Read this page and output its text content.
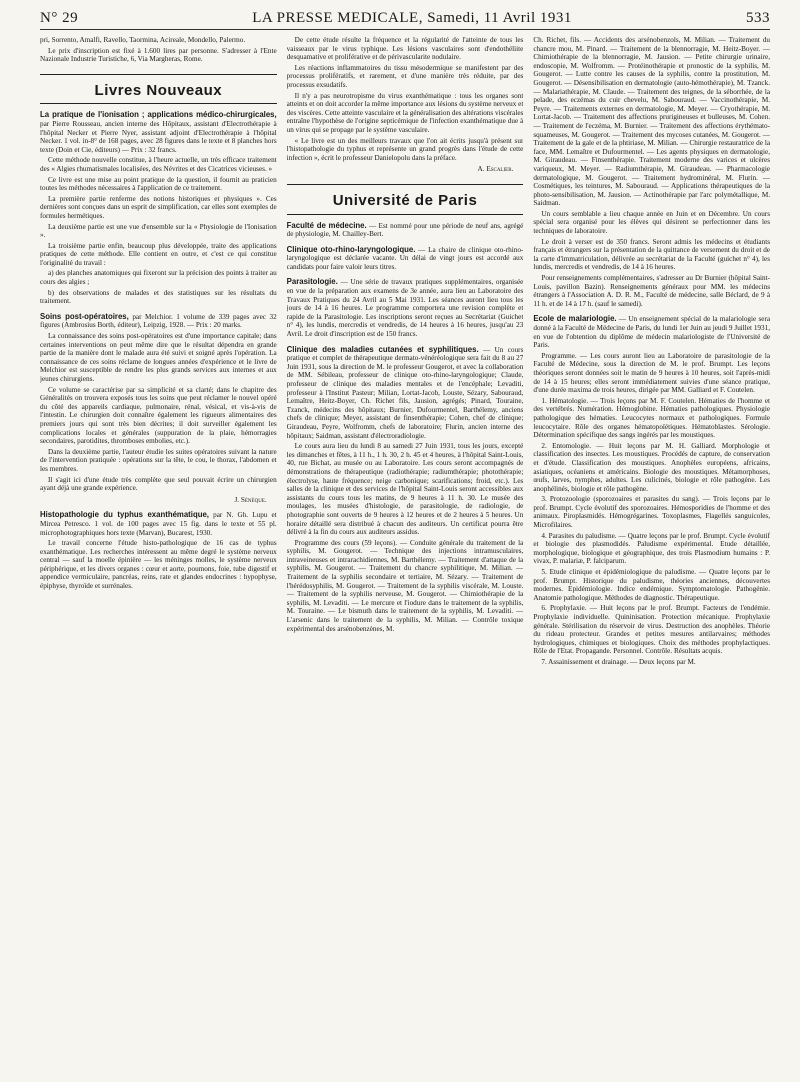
N° 29	LA PRESSE MEDICALE, Samedi, 11 Avril 1931	533

pri, Sorrento, Amalfi, Ravello, Taormina, Acireale, Mondello, Palermo.

Le prix d'inscription est fixé à 1.600 lires par personne. S'adresser à l'Ente Nazionale Industrie Turistiche, 6, Via Margheras, Rome.

Livres Nouveaux

La pratique de l'ionisation ; applications médico-chirurgicales, par Pierre Rousseau, ancien interne des Hôpitaux, assistant d'Electrothérapie à l'hôpital Necker et Pierre Nyer, assistant adjoint d'Electrothérapie à l'hôpital Necker. 1 vol. in-8° de 168 pages, avec 28 figures dans le texte et 8 planches hors texte (Doin et Cie, éditeurs) — Prix : 32 francs.

Cette méthode nouvelle constitue, à l'heure actuelle, un très efficace traitement des « Algies rhumatismales localisées, des Névrites et des Cicatrices vicieuses. »

Ce livre est une mise au point pratique de la question, il fournit au praticien toutes les méthodes nécessaires à l'application de ce traitement.

La première partie renferme des notions historiques et physiques ». Ces dernières sont conçues dans un esprit de simplification, car elles sont exemples de formules hermétiques.

La deuxième partie est une vue d'ensemble sur la « Physiologie de l'Ionisation ».

La troisième partie enfin, beaucoup plus développée, traite des applications pratiques de cette méthode. Elle contient en outre, et c'est ce qui constitue l'originalité du travail :

a) des planches anatomiques qui fixeront sur la précision des points à traiter au cours des algies ;

b) des observations de malades et des statistiques sur les résultats du traitement.

Soins post-opératoires, par Melchior. 1 volume de 339 pages avec 32 figures (Ambrosius Borth, éditeur), Leipzig, 1928. — Prix : 20 marks.

La connaissance des soins post-opératoires est d'une importance capitale; dans certaines interventions on peut même dire que le résultat dépendra en grande partie de la manière dont le malade aura été suivi et soigné après l'opération. La connaissance de ces soins réclame de longues années d'expérience et le livre de Melchior est susceptible de rendre les plus grands services aux internes et aux jeunes chirurgiens.

Ce volume se caractérise par sa simplicité et sa clarté; dans le chapitre des Généralités on trouvera exposés tous les soins que peut réclamer le nouvel opéré du côté des appareils cardiaque, pulmonaire, rénal, vésical, et vis-à-vis de l'intestin. Le chirurgien doit connaître également les rigueurs alimentaires des premiers jours qui sont très bien décrites; il doit surveiller également les complications locales et générales (suppuration de la plaie, hémorragies secondaires, parotidites, thromboses embolies, etc.).

Dans la deuxième partie, l'auteur étudie les suites opératoires suivant la nature de l'intervention pratiquée : opérations sur la tête, le cou, le thorax, l'abdomen et les membres.

Il s'agit ici d'une étude très complète que seul pouvait écrire un chirurgien ayant déjà une grande expérience.

J. Sénèque.

Histopathologie du typhus exanthématique, par N. Gh. Lupu et Mircea Petresco. 1 vol. de 100 pages avec 15 fig. dans le texte et 55 pl. microphotographiques hors texte (Marvan), Bucarest, 1930.

Le travail concerne l'étude histo-pathologique de 16 cas de typhus exanthématique. Les recherches intéressent au même degré le système nerveux central — sauf la moelle épinière — les méninges molles, le système nerveux périphérique, et les divers organes : cœur et aorte, poumons, foie, tube digestif et appendice vermiculaire, pancréas, reins, rate et glandes endocrines : hypophyse, épiphyse, thyroïde et surrénales.

De cette étude résulte la fréquence et la régularité de l'atteinte de tous les vaisseaux par le virus typhique. Les lésions vasculaires sont d'endothéliite desquamative et proliférative et de périvascularite nodulaire.

Les réactions inflammatoires du tissu mésodermique se manifestent par des processus prolifératifs, et rarement, et d'une manière très réduite, par des processus exsudatifs.

Il n'y a pas neurotropisme du virus exanthématique : tous les organes sont atteints et on doit accorder la même importance aux lésions du système nerveux et des viscères. Cette atteinte vasculaire et la généralisation des altérations viscérales entraîne l'hypothèse de l'origine septicémique de l'infection exanthématique due à un virus qui se propage par le système vasculaire.

« Le livre est un des meilleurs travaux que l'on ait écrits jusqu'à présent sur l'histopathologie du typhus et représente un grand progrès dans l'étude de cette infection », écrit le professeur Danielopolu dans la préface.

A. Escalier.
Université de Paris

Faculté de médecine. — Est nommé pour une période de neuf ans, agrégé de physiologie, M. Chailley-Bert.

Clinique oto-rhino-laryngologique. — La chaire de clinique oto-rhino-laryngologique est déclarée vacante. Un délai de vingt jours est accordé aux candidats pour faire valoir leurs titres.

Parasitologie. — Une série de travaux pratiques supplémentaires, organisée en vue de la préparation aux examens de 3e année, aura lieu au Laboratoire des Travaux Pratiques du 24 Avril au 5 Mai 1931. Les séances auront lieu tous les jours de 14 à 16 heures. Le programme comportera une revision complète et rapide de la Parasitologie. Les inscriptions seront reçues au Secrétariat (Guichet n° 4), les lundis, mercredis et vendredis, de 14 heures à 16 heures, jusqu'au 23 Avril. Le droit d'inscription est de 150 francs.

Clinique des maladies cutanées et syphilitiques. — Un cours pratique et complet de thérapeutique dermato-vénéréologique sera fait du 8 au 27 Juin 1931, sous la direction de M. le professeur Gougerot, et avec la collaboration de MM. Sébileau, professeur de clinique oto-rhino-laryngologique; Claude, professeur de clinique des maladies mentales et de l'encéphale; Levaditi, professeur à l'Institut Pasteur; Milian, Lortat-Jacob, Louste, Sézary, Sabouraud, Lemaître, Heitz-Boyer, Ch. Richet fils, Jausion, agrégés; Pinard, Touraine, Tzanck, médecins des hôpitaux; Burnier, Dufourmentel, Barthélemy, anciens chefs de clinique; Meyer, assistant de finsenthérapie; Cohen, chef de clinique; Giraudeau, Peyre, Wolfromm, chefs de laboratoire; Flurin, ancien interne des hôpitaux; Saidman, assistant d'électroradiologie.

Le cours aura lieu du lundi 8 au samedi 27 Juin 1931, tous les jours, excepté les dimanches et fêtes, à 11 h., 1 h. 30, 2 h. 45 et 4 heures, à l'hôpital Saint-Louis, 40, rue Bichat, au musée ou au Laboratoire. Les cours seront accompagnés de démonstrations de thérapeutique (radiothérapie; radiumthérapie; photothérapie; électrolyse, haute fréquence; neige carbonique; scarifications; froid, etc.). Les salles de la clinique et des services de l'hôpital Saint-Louis seront accessibles aux assistants du cours tous les matins, de 9 heures à 11 h. 30. Le musée des moulages, les musées d'histologie, de parasitologie, de radiologie, de photographie sont ouverts de 9 heures à 12 heures et de 2 heures à 5 heures. Un horaire détaillé sera distribué à chacun des auditeurs. Un certificat pourra être délivré à la fin du cours aux auditeurs assidus.

Programme des cours (59 leçons). — Conduite générale du traitement de la syphilis, M. Gougerot. — Technique des injections intramusculaires, intraveineuses et intrarachidiennes, M. Barthélemy. — Traitement d'attaque de la syphilis, M. Gougerot. — Traitement du chancre syphilitique, M. Milian. — Traitement de la syphilis secondaire et tertiaire, M. Sézary. — Traitement de l'hérédosyphilis, M. Gougerot. — Traitement de la syphilis viscérale, M. Louste. — Traitement de la syphilis nerveuse, M. Gougerot. — Chimiothérapie de la syphilis, M. Levaditi. — Le mercure et l'iodure dans le traitement de la syphilis, M. Touraine. — Le bismuth dans le traitement de la syphilis, M. Levaditi. — L'arsenic dans le traitement de la syphilis, M. Milian. — Contrôle toxique expérimental des arsénobenzènes, M.

Ch. Richet, fils. — Accidents des arsénobenzols, M. Milian. — Traitement du chancre mou, M. Pinard. — Traitement de la blennorragie, M. Heitz-Boyer. — Chimiothérapie de la blennorragie, M. Jausion. — Petite chirurgie urinaire, endoscopie, M. Wolfromm. — Protéinothérapie et pronostic de la syphilis, M. Gougerot. — Lutte contre les causes de la syphilis, contre la prostitution, M. Gougerot. — Désensibilisation en dermatologie (auto-hémothérapie), M. Tzanck. — Malariathérapie, M. Claude. — Traitement des teignes, de la séborrhée, de la pelade, des eczémas du cuir chevelu, M. Sabouraud. — Vaccinothérapie, M. Peyre. — Traitements externes en dermatologie, M. Meyer. — Cryothérapie, M. Lortat-Jacob. — Traitement des affections prurigineuses et bulleuses, M. Cohen. — Traitement de l'eczéma, M. Burnier. — Traitement des affections érythémato-squameuses, M. Gougerot. — Traitement des mycoses cutanées, M. Gougerot. — Traitement de la gale et de la phtiriase, M. Milian. — Chirurgie restauratrice de la face, MM. Lemaître et Dufourmentel. — Les agents physiques en dermatologie, M. Giraudeau. — Finsenthérapie. Traitement moderne des varices et ulcères variqueux, M. Meyer. — Radiumthérapie, M. Giraudeau. — Pharmacologie dermatologique, M. Gougerot. — Traitement hydrominéral, M. Flurin. — Cosmétiques, les teintures, M. Sabouraud. — Applications thérapeutiques de la photo-sensibilisation, M. Jausion. — Actinothérapie par l'arc polymétallique, M. Saidman.

Un cours semblable a lieu chaque année en Juin et en Décembre. Un cours spécial sera organisé pour les élèves qui désirent se perfectionner dans les techniques de laboratoire.

Le droit à verser est de 350 francs. Seront admis les médecins et étudiants français et étrangers sur la présentation de la quittance de versement du droit et de la carte d'immatriculation, délivrée au secrétariat de la Faculté (guichet n° 4), les lundis, mercredis et vendredis, de 14 à 16 heures.

Pour renseignements complémentaires, s'adresser au Dr Burnier (hôpital Saint-Louis, pavillon Bazin). Renseignements généraux pour MM. les médecins étrangers à l'Association A. D. R. M., Faculté de médecine, salle Béclard, de 9 à 11 h. et de 14 à 17 h. (sauf le samedi).

Ecole de malariologie. — Un enseignement spécial de la malariologie sera donné à la Faculté de Médecine de Paris, du lundi 1er Juin au jeudi 9 Juillet 1931, en vue de l'obtention du diplôme de médecin malariologiste de l'Université de Paris.

Programme. — Les cours auront lieu au Laboratoire de parasitologie de la Faculté de Médecine, sous la direction de M. le prof. Brumpt. Les leçons théoriques seront données soit le matin de 9 heures à 10 heures, soit l'après-midi de 14 à 15 heures; elles seront immédiatement suivies d'une séance pratique, d'une durée maxima de trois heures, dirigée par MM. Galliard et F. Coutelen.

1. Hématologie. — Trois leçons par M. F. Coutelen. Hématies de l'homme et des vertébrés. Numération. Hémoglobine. Hématies pathologiques. Physiologie pathologique des hématies. Leucocytes normaux et pathologiques. Formule leucocytaire. Rôle des organes hématopoïétiques. Hématoblastes. Sérologie. Détermination spécifique des sangs ingérés par les moustiques.

2. Entomologie. — Huit leçons par M. H. Galliard. Morphologie et classification des insectes. Les moustiques. Procédés de capture, de conservation et d'étude. Classification des moustiques. Anophèles européens, africains, asiatiques, océaniens et américains. Biologie des moustiques. Métamorphoses, œufs, larves, nymphes, adultes. Les culicinés, biologie et rôle pathogène. Les anophélinés, biologie et rôle pathogène.

3. Protozoologie (sporozoaires et parasites du sang). — Trois leçons par le prof. Brumpt. Cycle évolutif des sporozoaires. Hémosporidies de l'homme et des animaux. Piroplasmidés. Hémogrégarines. Toxoplasmes, Flagellés sanguicoles, Microfilaires.

4. Parasites du paludisme. — Quatre leçons par le prof. Brumpt. Cycle évolutif et biologie des plasmodidés. Paludisme expérimental. Etude détaillée, morphologique, biologique et géographique, des trois Plasmodium humains : P. vivax, P. malariæ, P. falciparum.

5. Etude clinique et épidémiologique du paludisme. — Quatre leçons par le prof. Brumpt. Historique du paludisme, théories anciennes, découvertes modernes. Epidémiologie. Indice endémique. Symptomatologie. Pathogénie. Anatomie pathologique. Méthodes de diagnostic. Thérapeutique.

6. Prophylaxie. — Huit leçons par le prof. Brumpt. Facteurs de l'endémie. Prophylaxie individuelle. Quininisation. Protection mécanique. Prophylaxie générale. Stérilisation du réservoir de virus. Destruction des anophèles. Théorie du rideau protecteur. Grandes et petites mesures antilarvaires; méthodes hydrologiques, chimiques et biologiques. Choix des méthodes prophylactiques. Rôle de l'Etat. Propagande. Personnel. Contrôle. Résultats acquis.

7. Assainissement et drainage. — Deux leçons par M.
